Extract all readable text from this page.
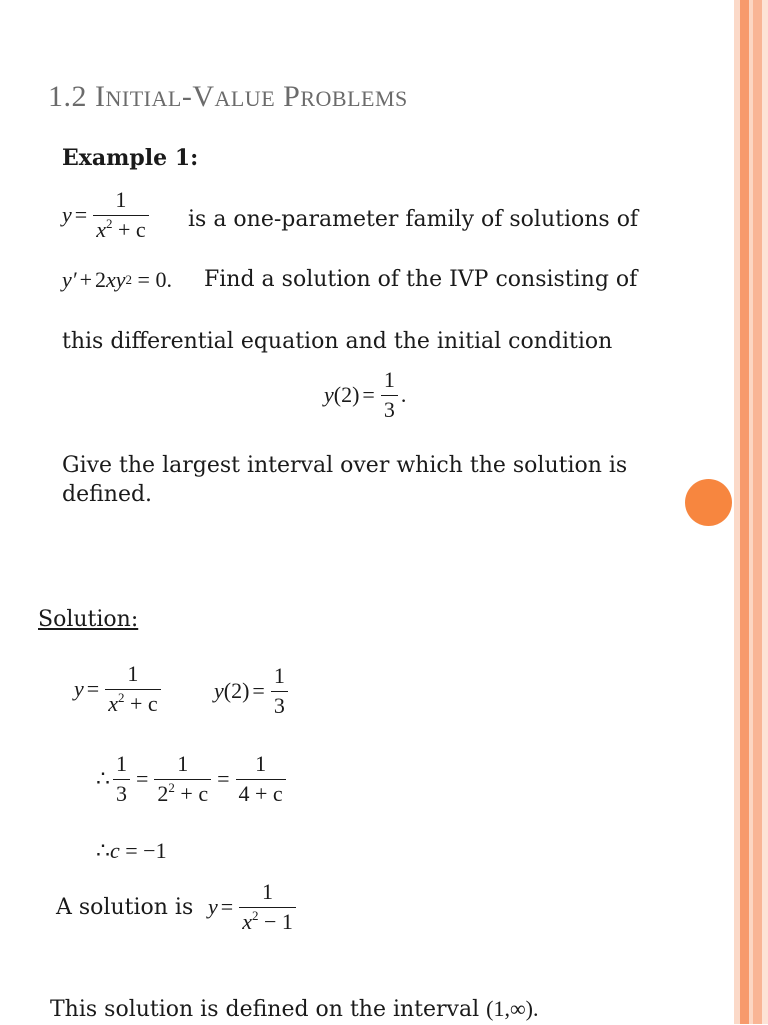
1.2 INITIAL-VALUE PROBLEMS
Example 1:
$y = \frac{1}{x^2 + c}$ is a one-parameter family of solutions of
y′ + 2 xy 2
= 0. Find a solution of the IVP consisting of
this differential equation and the initial condition
y $(2) = \frac{1}{3}$ .
Give the largest interval over which the solution is
defined.
Solution:
$y = \frac{1}{x^2 + c}$ y $(2) = \frac{1}{3}$
∴ $\frac{1}{3} = \frac{1}{2^2 + c} = \frac{1}{4 + c}$
∴ c
= −1
A solution is $y = \frac{1}{x^2 - 1}$
This solution is defined on the interval (1,∞).
